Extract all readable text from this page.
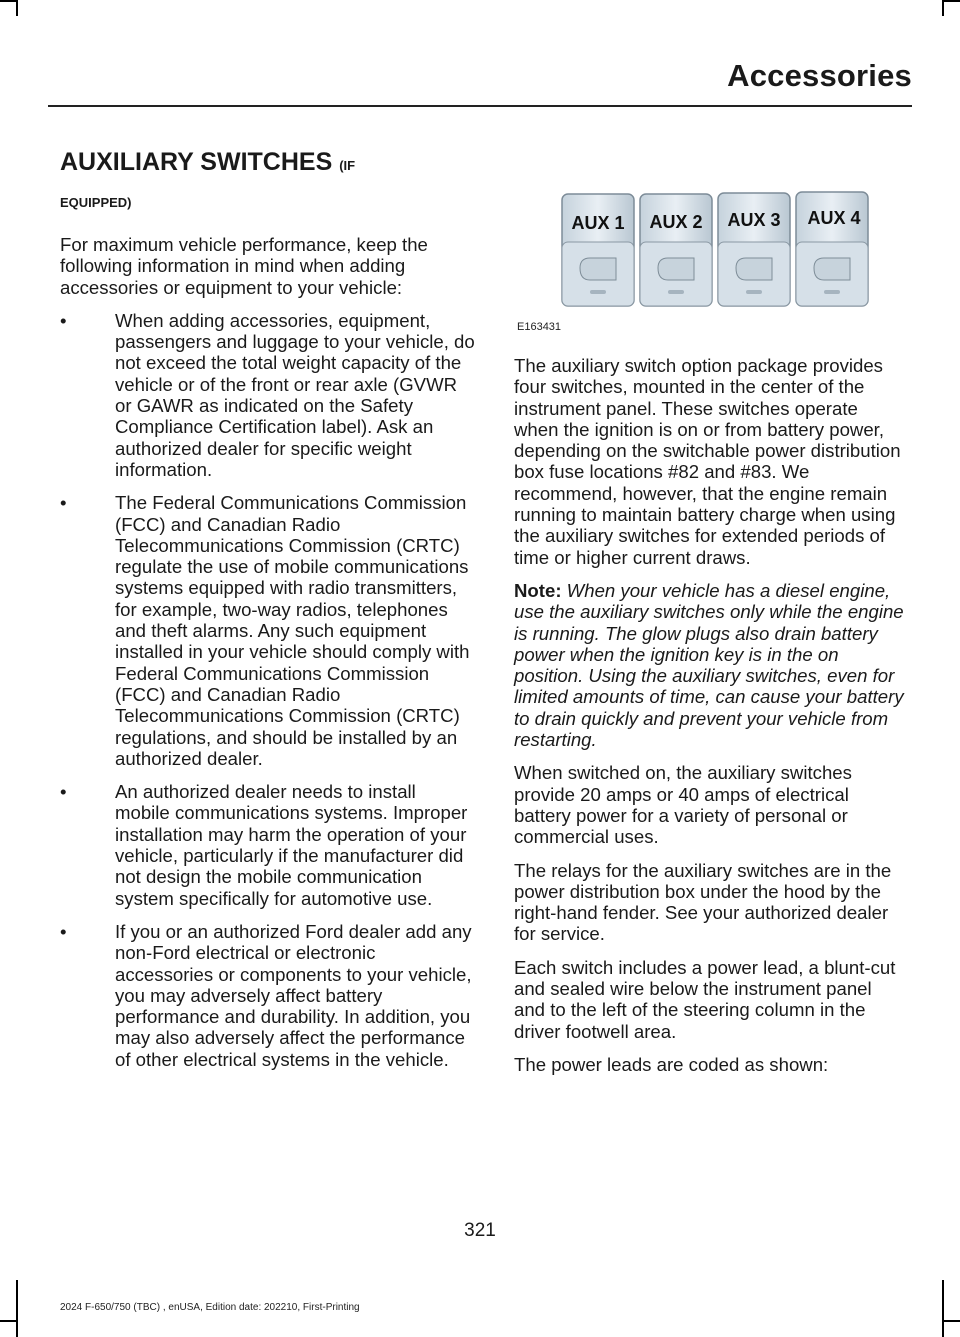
Accessories
AUXILIARY SWITCHES (IF
EQUIPPED)

For maximum vehicle performance, keep the following information in mind when adding accessories or equipment to your vehicle:

•	When adding accessories, equipment, passengers and luggage to your vehicle, do not exceed the total weight capacity of the vehicle or of the front or rear axle (GVWR or GAWR as indicated on the Safety Compliance Certification label). Ask an authorized dealer for specific weight information.
•	The Federal Communications Commission (FCC) and Canadian Radio Telecommunications Commission (CRTC) regulate the use of mobile communications systems equipped with radio transmitters, for example, two-way radios, telephones and theft alarms. Any such equipment installed in your vehicle should comply with Federal Communications Commission (FCC) and Canadian Radio Telecommunications Commission (CRTC) regulations, and should be installed by an authorized dealer.
•	An authorized dealer needs to install mobile communications systems. Improper installation may harm the operation of your vehicle, particularly if the manufacturer did not design the mobile communication system specifically for automotive use.
•	If you or an authorized Ford dealer add any non-Ford electrical or electronic accessories or components to your vehicle, you may adversely affect battery performance and durability. In addition, you may also adversely affect the performance of other electrical systems in the vehicle.
AUX 1 AUX 2 AUX 3 AUX 4
E163431

The auxiliary switch option package provides four switches, mounted in the center of the instrument panel. These switches operate when the ignition is on or from battery power, depending on the switchable power distribution box fuse locations #82 and #83. We recommend, however, that the engine remain running to maintain battery charge when using the auxiliary switches for extended periods of time or higher current draws.

Note: When your vehicle has a diesel engine, use the auxiliary switches only while the engine is running. The glow plugs also drain battery power when the ignition key is in the on position. Using the auxiliary switches, even for limited amounts of time, can cause your battery to drain quickly and prevent your vehicle from restarting.

When switched on, the auxiliary switches provide 20 amps or 40 amps of electrical battery power for a variety of personal or commercial uses.

The relays for the auxiliary switches are in the power distribution box under the hood by the right-hand fender. See your authorized dealer for service.

Each switch includes a power lead, a blunt-cut and sealed wire below the instrument panel and to the left of the steering column in the driver footwell area.

The power leads are coded as shown:

321
2024 F-650/750 (TBC) , enUSA, Edition date: 202210, First-Printing
